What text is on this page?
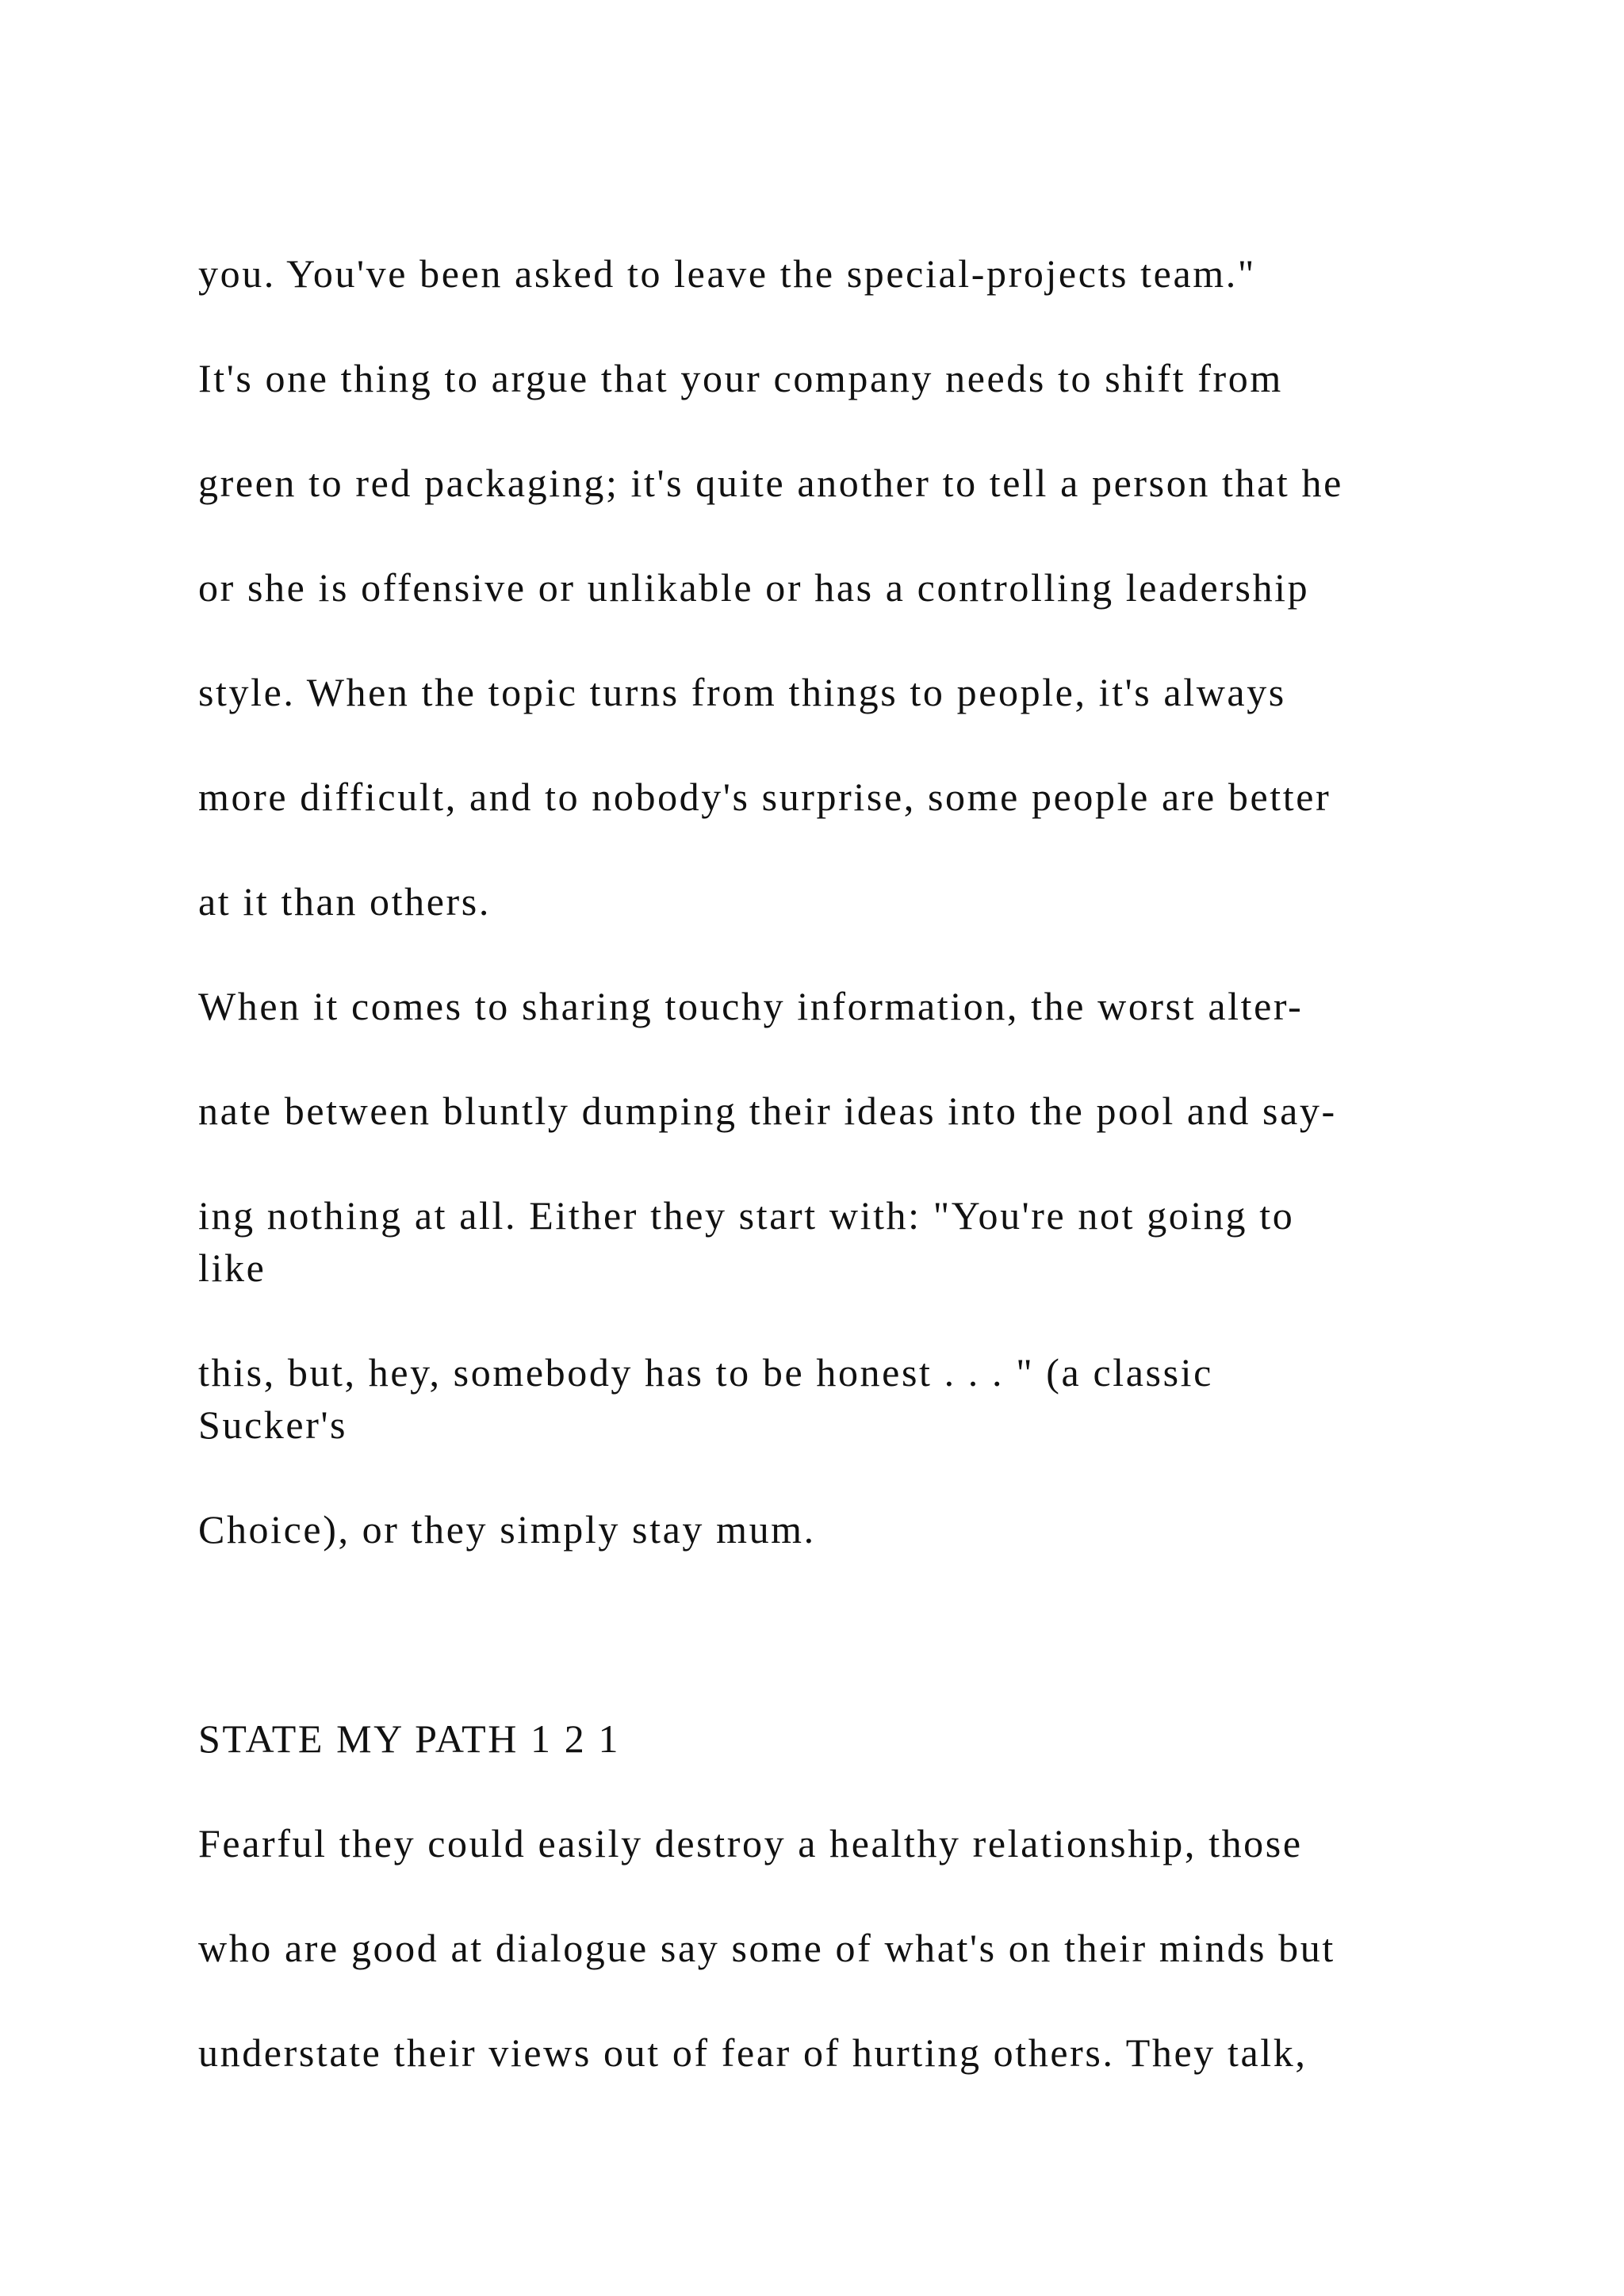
you. You've been asked to leave the special-projects team."

It's one thing to argue that your company needs to shift from

green to red packaging; it's quite another to tell a person that he

or she is offensive or unlikable or has a controlling leadership

style. When the topic turns from things to people, it's always

more difficult, and to nobody's surprise, some people are better

at it than others.

When it comes to sharing touchy information, the worst alter-

nate between bluntly dumping their ideas into the pool and say-

ing nothing at all. Either they start with: "You're not going to

like

this, but, hey, somebody has to be honest . . . " (a classic

Sucker's

Choice), or they simply stay mum.

STATE MY PATH 1 2 1

Fearful they could easily destroy a healthy relationship, those

who are good at dialogue say some of what's on their minds but

understate their views out of fear of hurting others. They talk,
